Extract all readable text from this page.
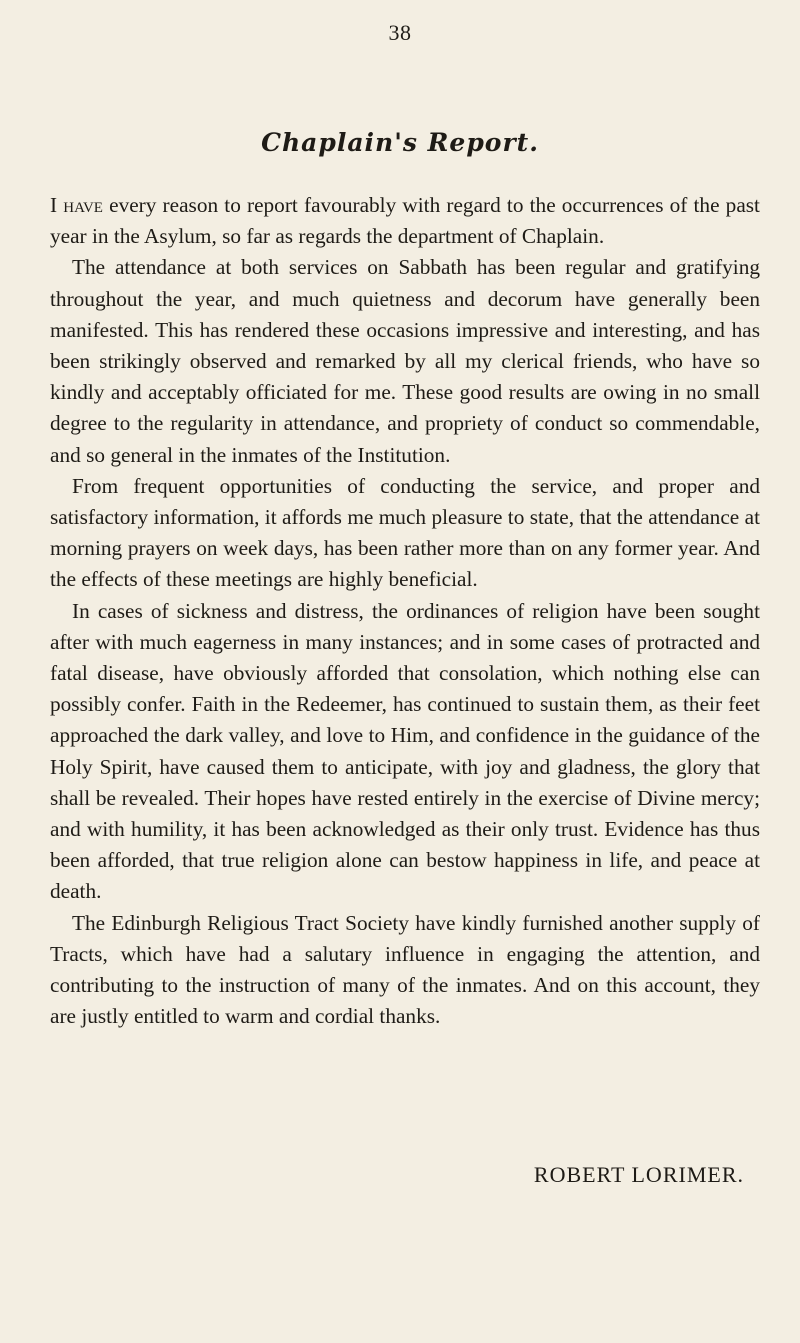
38
Chaplain's Report.

I have every reason to report favourably with regard to the occurrences of the past year in the Asylum, so far as regards the department of Chaplain.

The attendance at both services on Sabbath has been regular and gratifying throughout the year, and much quietness and decorum have generally been manifested. This has rendered these occasions impressive and interesting, and has been strikingly observed and remarked by all my clerical friends, who have so kindly and acceptably officiated for me. These good results are owing in no small degree to the regularity in attendance, and propriety of conduct so commendable, and so general in the inmates of the Institution.

From frequent opportunities of conducting the service, and proper and satisfactory information, it affords me much pleasure to state, that the attendance at morning prayers on week days, has been rather more than on any former year. And the effects of these meetings are highly beneficial.

In cases of sickness and distress, the ordinances of religion have been sought after with much eagerness in many instances; and in some cases of protracted and fatal disease, have obviously afforded that consolation, which nothing else can possibly confer. Faith in the Redeemer, has continued to sustain them, as their feet approached the dark valley, and love to Him, and confidence in the guidance of the Holy Spirit, have caused them to anticipate, with joy and gladness, the glory that shall be revealed. Their hopes have rested entirely in the exercise of Divine mercy; and with humility, it has been acknowledged as their only trust. Evidence has thus been afforded, that true religion alone can bestow happiness in life, and peace at death.

The Edinburgh Religious Tract Society have kindly furnished another supply of Tracts, which have had a salutary influence in engaging the attention, and contributing to the instruction of many of the inmates. And on this account, they are justly entitled to warm and cordial thanks.

ROBERT LORIMER.
